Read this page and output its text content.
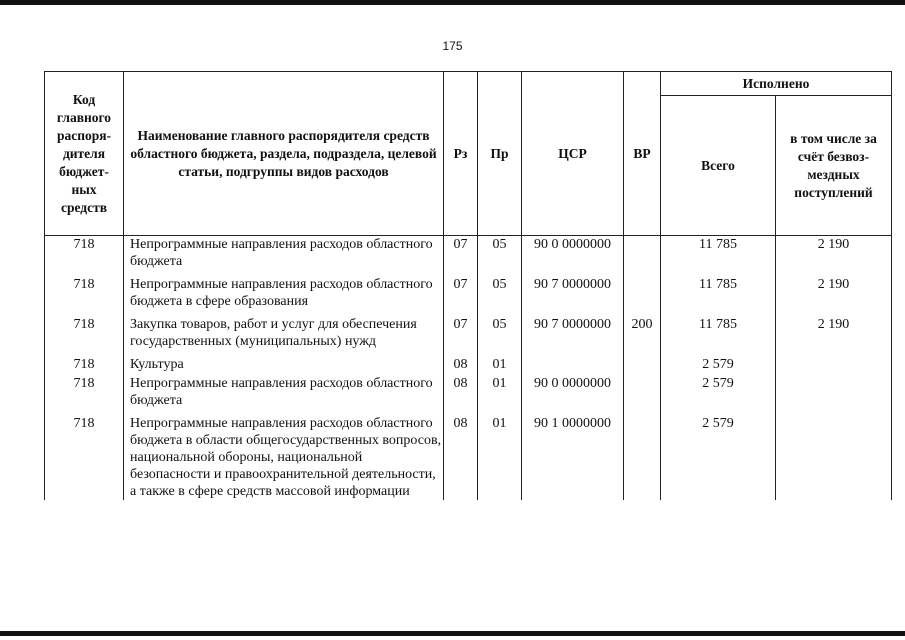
175
Код главного распоря-дителя бюджет-ных средств	Наименование главного распорядителя средств областного бюджета, раздела, подраздела, целевой статьи, подгруппы видов расходов	Рз	Пр	ЦСР	ВР	Исполнено	
						Всего	в том числе за счёт безвоз-мездных поступлений
718	Непрограммные направления расходов областного бюджета	07	05	90 0 0000000		11 785	2 190
718	Непрограммные направления расходов областного бюджета в сфере образования	07	05	90 7 0000000		11 785	2 190
718	Закупка товаров, работ и услуг для обеспечения государственных (муниципальных) нужд	07	05	90 7 0000000	200	11 785	2 190
718	Культура	08	01			2 579	
718	Непрограммные направления расходов областного бюджета	08	01	90 0 0000000		2 579	
718	Непрограммные направления расходов областного бюджета в области общегосударственных вопросов, национальной обороны, национальной безопасности и правоохранительной деятельности, а также в сфере средств массовой информации	08	01	90 1 0000000		2 579	
